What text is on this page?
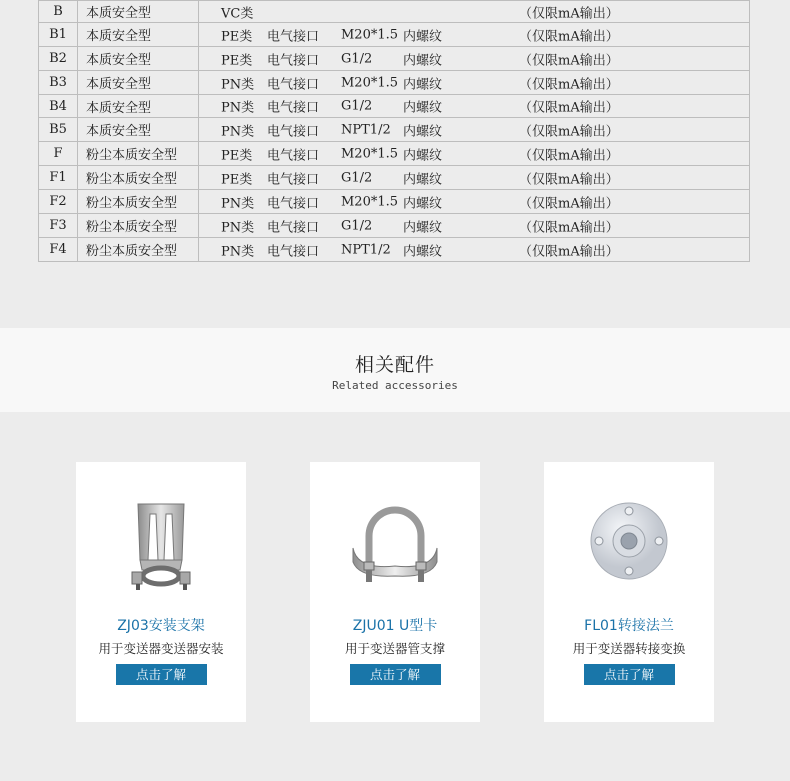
B	本质安全型	VC类 （仅限mA输出）

B1	本质安全型	PE类 电气接口 M20*1.5 内螺纹 （仅限mA输出）

B2	本质安全型	PE类 电气接口 G1/2 内螺纹 （仅限mA输出）

B3	本质安全型	PN类 电气接口 M20*1.5 内螺纹 （仅限mA输出）

B4	本质安全型	PN类 电气接口 G1/2 内螺纹 （仅限mA输出）

B5	本质安全型	PN类 电气接口 NPT1/2 内螺纹 （仅限mA输出）

F	粉尘本质安全型	PE类 电气接口 M20*1.5 内螺纹 （仅限mA输出）

F1	粉尘本质安全型	PE类 电气接口 G1/2 内螺纹 （仅限mA输出）

F2	粉尘本质安全型	PN类 电气接口 M20*1.5 内螺纹 （仅限mA输出）

F3	粉尘本质安全型	PN类 电气接口 G1/2 内螺纹 （仅限mA输出）

F4	粉尘本质安全型	PN类 电气接口 NPT1/2 内螺纹 （仅限mA输出）
相关配件
Related accessories
ZJ03安装支架
用于变送器变送器安装
点击了解
ZJU01 U型卡
用于变送器管支撑
点击了解
FL01转接法兰
用于变送器转接变换
点击了解
